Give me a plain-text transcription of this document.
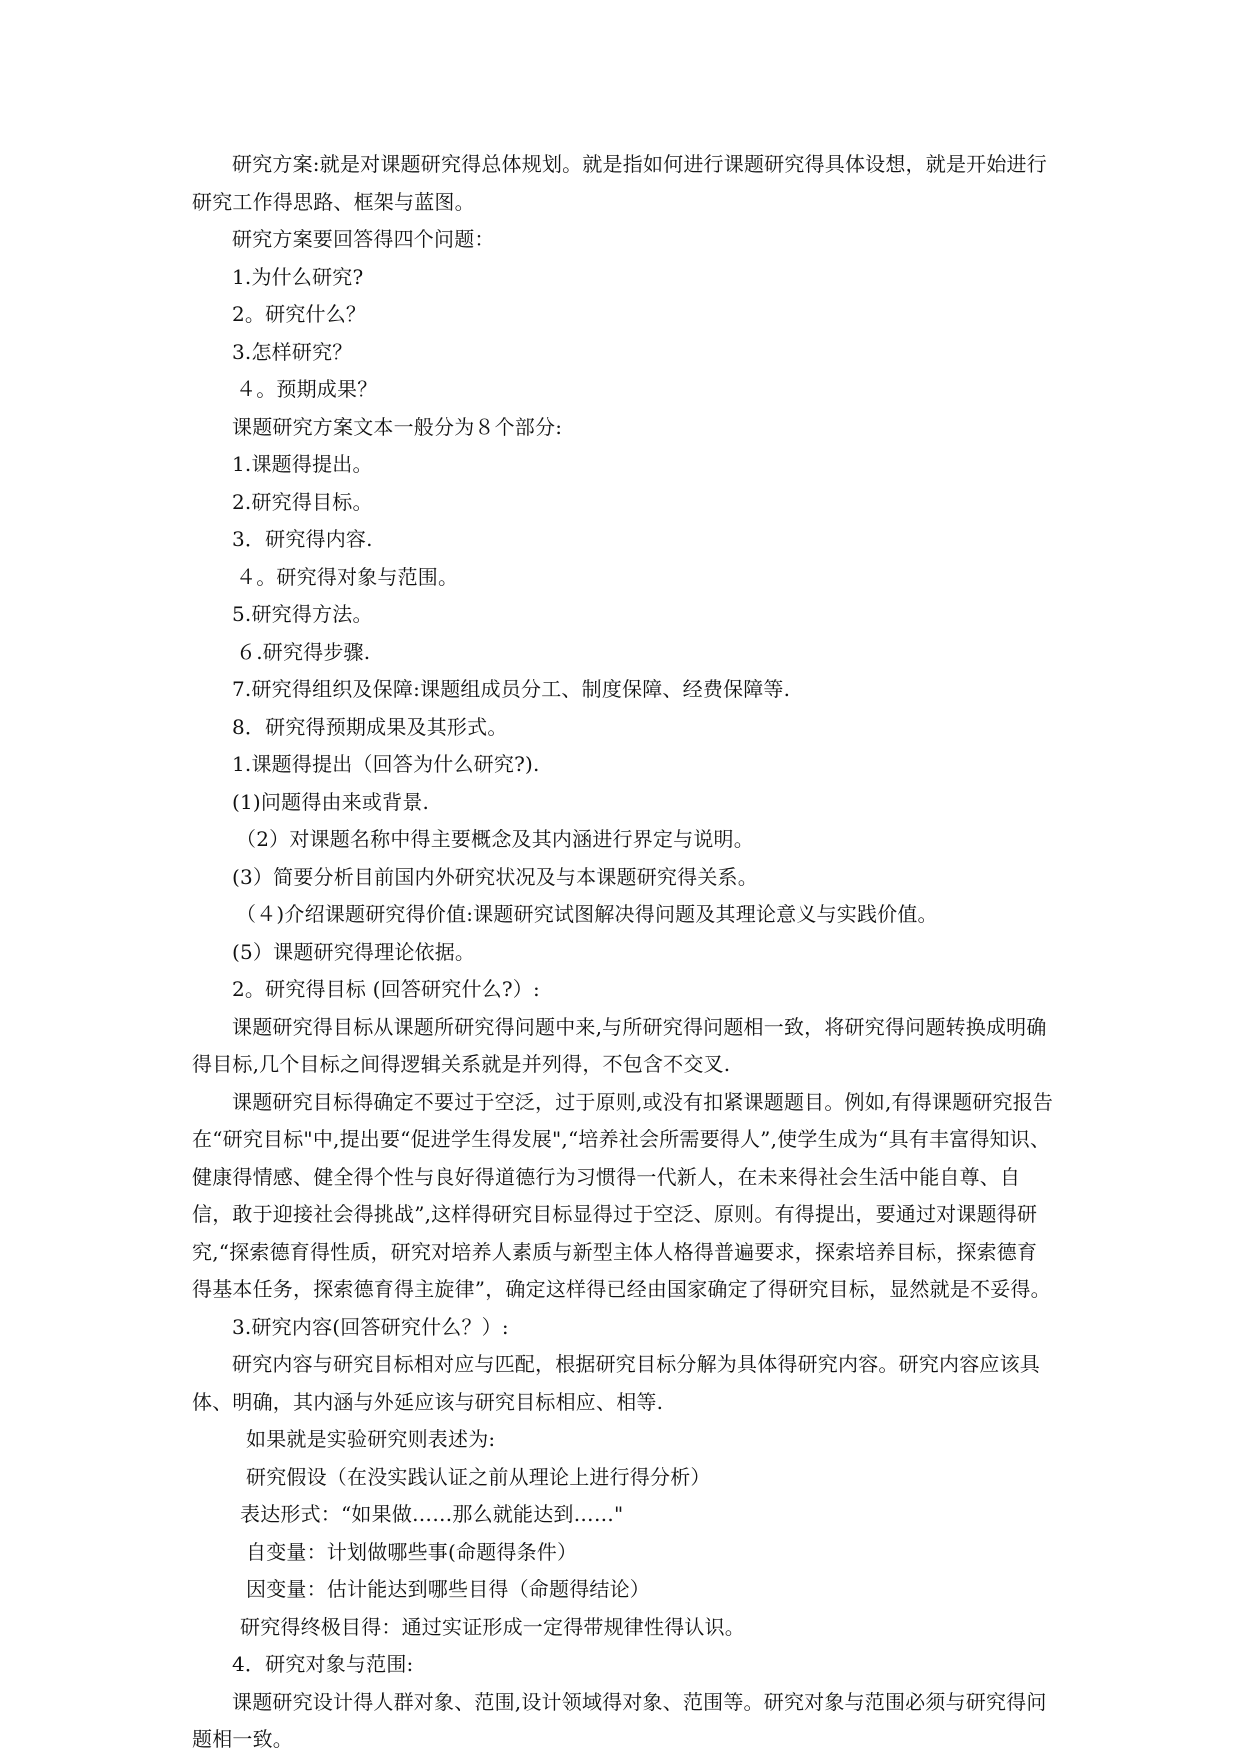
研究方案:就是对课题研究得总体规划。就是指如何进行课题研究得具体设想，就是开始进行研究工作得思路、框架与蓝图。

研究方案要回答得四个问题：

1.为什么研究?

2。研究什么？

3.怎样研究？

４。预期成果？

课题研究方案文本一般分为８个部分:

1.课题得提出。

2.研究得目标。

3．研究得内容.

４。研究得对象与范围。

5.研究得方法。

６.研究得步骤.

7.研究得组织及保障:课题组成员分工、制度保障、经费保障等.

8．研究得预期成果及其形式。

1.课题得提出（回答为什么研究?).

(1)问题得由来或背景.

（2）对课题名称中得主要概念及其内涵进行界定与说明。

(3）简要分析目前国内外研究状况及与本课题研究得关系。

（４)介绍课题研究得价值:课题研究试图解决得问题及其理论意义与实践价值。

(5）课题研究得理论依据。

2。研究得目标 (回答研究什么?）:

课题研究得目标从课题所研究得问题中来,与所研究得问题相一致，将研究得问题转换成明确得目标,几个目标之间得逻辑关系就是并列得，不包含不交叉.

课题研究目标得确定不要过于空泛，过于原则,或没有扣紧课题题目。例如,有得课题研究报告在“研究目标"中,提出要“促进学生得发展",“培养社会所需要得人”,使学生成为“具有丰富得知识、健康得情感、健全得个性与良好得道德行为习惯得一代新人，在未来得社会生活中能自尊、自信，敢于迎接社会得挑战”,这样得研究目标显得过于空泛、原则。有得提出，要通过对课题得研究,“探索德育得性质，研究对培养人素质与新型主体人格得普遍要求，探索培养目标，探索德育得基本任务，探索德育得主旋律”，确定这样得已经由国家确定了得研究目标，显然就是不妥得。

3.研究内容(回答研究什么？）:

研究内容与研究目标相对应与匹配，根据研究目标分解为具体得研究内容。研究内容应该具体、明确，其内涵与外延应该与研究目标相应、相等.

如果就是实验研究则表述为:

研究假设（在没实践认证之前从理论上进行得分析）

表达形式：“如果做……那么就能达到……"

自变量：计划做哪些事(命题得条件）

因变量：估计能达到哪些目得（命题得结论）

研究得终极目得：通过实证形成一定得带规律性得认识。

4．研究对象与范围:

课题研究设计得人群对象、范围,设计领域得对象、范围等。研究对象与范围必须与研究得问题相一致。
